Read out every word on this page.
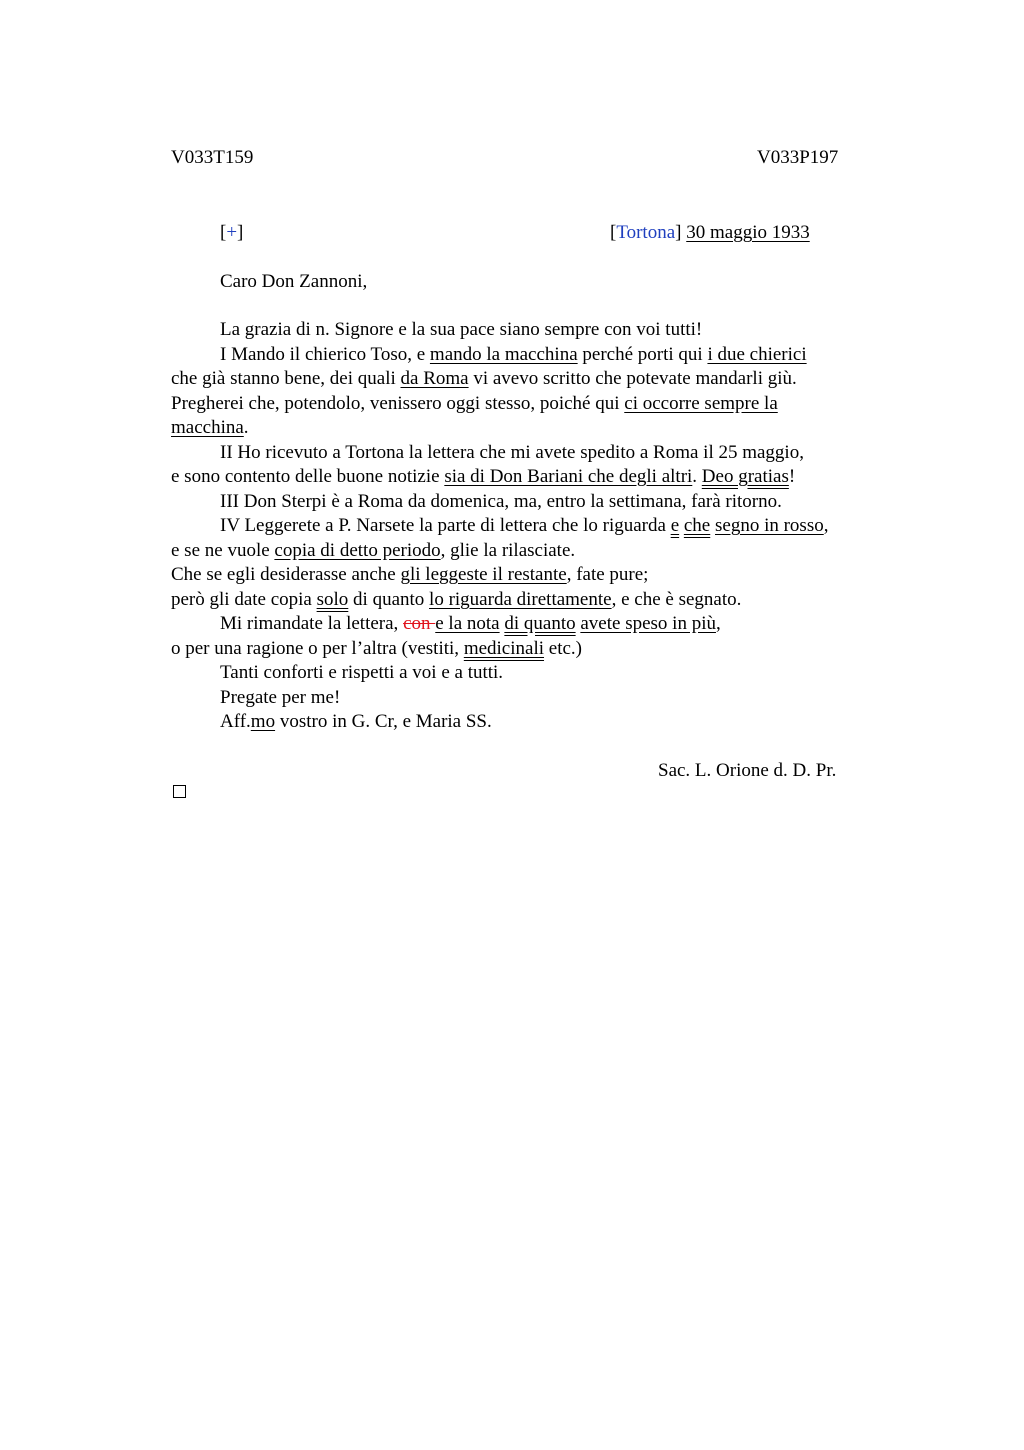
V033T159	V033P197
[+]	[Tortona] 30 maggio 1933
Caro Don Zannoni,
La grazia di n. Signore e la sua pace siano sempre con voi tutti!
I Mando il chierico Toso, e mando la macchina perché porti qui i due chierici
che già stanno bene, dei quali da Roma vi avevo scritto che potevate mandarli giù.
Pregherei che, potendolo, venissero oggi stesso, poiché qui ci occorre sempre la
macchina.
II Ho ricevuto a Tortona la lettera che mi avete spedito a Roma il 25 maggio,
e sono contento delle buone notizie sia di Don Bariani che degli altri. Deo gratias!
III Don Sterpi è a Roma da domenica, ma, entro la settimana, farà ritorno.
IV Leggerete a P. Narsete la parte di lettera che lo riguarda e che segno in rosso,
e se ne vuole copia di detto periodo, glie la rilasciate.
Che se egli desiderasse anche gli leggeste il restante, fate pure;
però gli date copia solo di quanto lo riguarda direttamente, e che è segnato.
Mi rimandate la lettera, con e la nota di quanto avete speso in più,
o per una ragione o per l’altra (vestiti, medicinali etc.)
Tanti conforti e rispetti a voi e a tutti.
Pregate per me!
Aff.mo vostro in G. Cr, e Maria SS.
Sac. L. Orione d. D. Pr.
